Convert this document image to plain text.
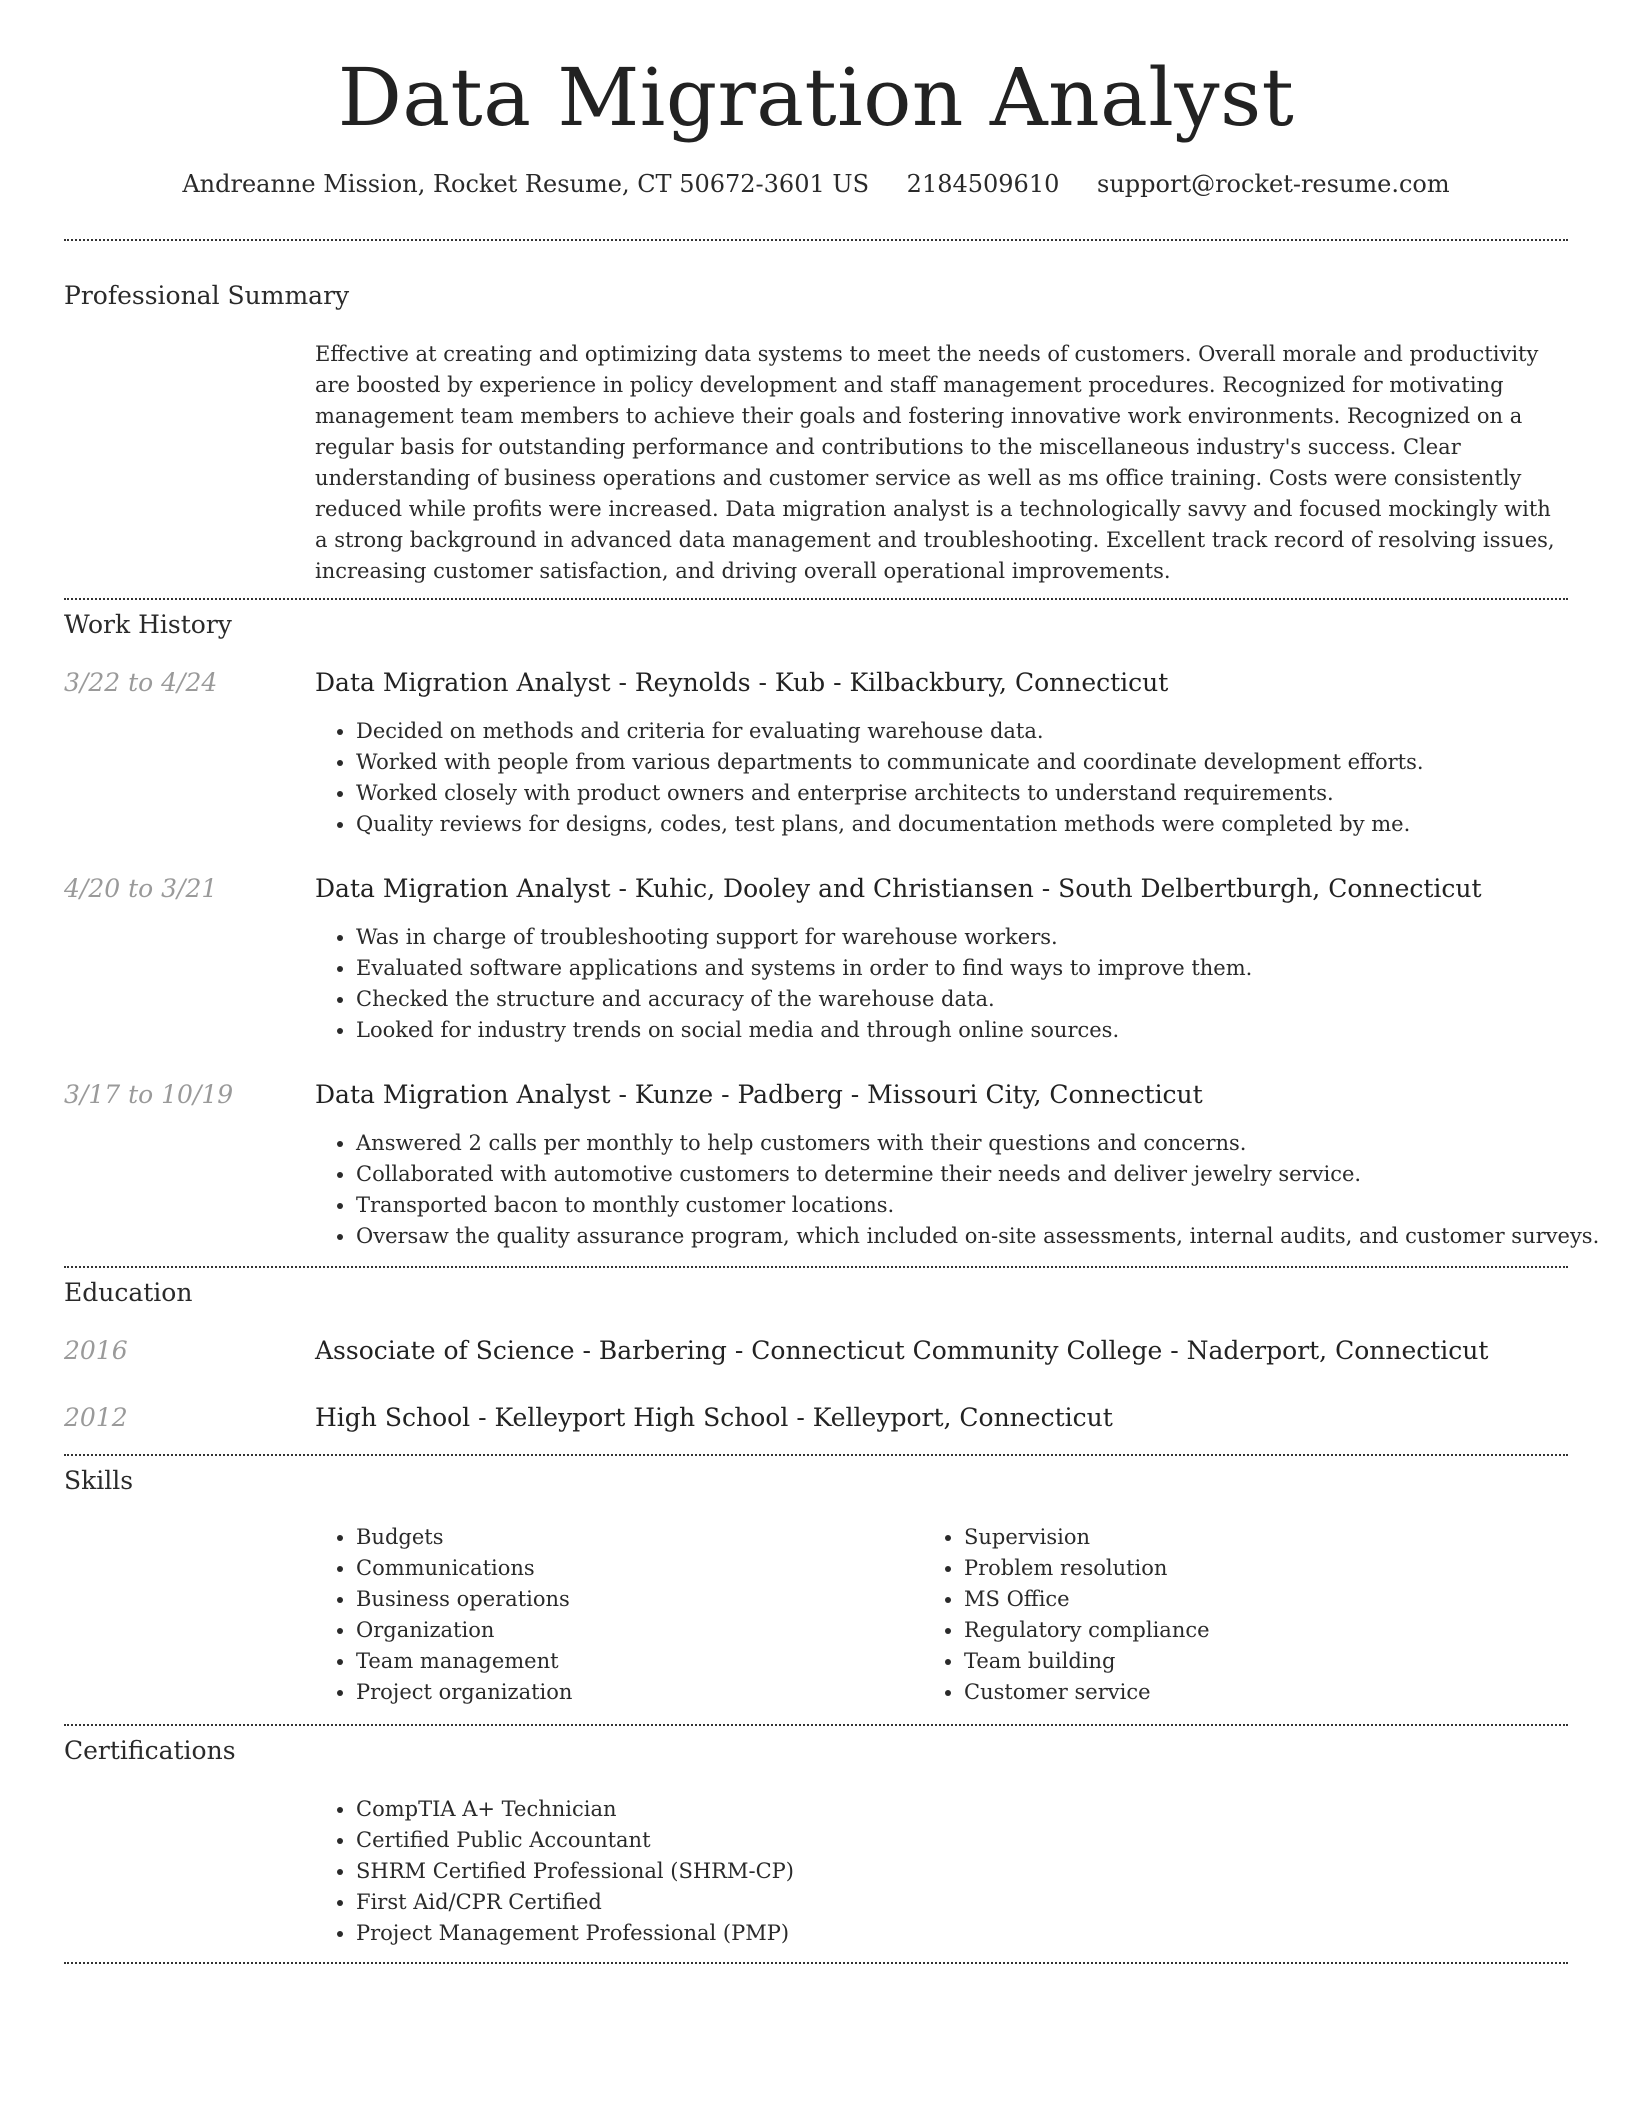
Data Migration Analyst
Andreanne Mission, Rocket Resume, CT 50672-3601 US 2184509610 support@rocket-resume.com
Professional Summary
Effective at creating and optimizing data systems to meet the needs of customers. Overall morale and productivity are boosted by experience in policy development and staff management procedures. Recognized for motivating management team members to achieve their goals and fostering innovative work environments. Recognized on a regular basis for outstanding performance and contributions to the miscellaneous industry's success. Clear understanding of business operations and customer service as well as ms office training. Costs were consistently reduced while profits were increased. Data migration analyst is a technologically savvy and focused mockingly with a strong background in advanced data management and troubleshooting. Excellent track record of resolving issues, increasing customer satisfaction, and driving overall operational improvements.
Work History
3/22 to 4/24	Data Migration Analyst - Reynolds - Kub - Kilbackbury, Connecticut
• Decided on methods and criteria for evaluating warehouse data.
• Worked with people from various departments to communicate and coordinate development efforts.
• Worked closely with product owners and enterprise architects to understand requirements.
• Quality reviews for designs, codes, test plans, and documentation methods were completed by me.
4/20 to 3/21	Data Migration Analyst - Kuhic, Dooley and Christiansen - South Delbertburgh, Connecticut
• Was in charge of troubleshooting support for warehouse workers.
• Evaluated software applications and systems in order to find ways to improve them.
• Checked the structure and accuracy of the warehouse data.
• Looked for industry trends on social media and through online sources.
3/17 to 10/19	Data Migration Analyst - Kunze - Padberg - Missouri City, Connecticut
• Answered 2 calls per monthly to help customers with their questions and concerns.
• Collaborated with automotive customers to determine their needs and deliver jewelry service.
• Transported bacon to monthly customer locations.
• Oversaw the quality assurance program, which included on-site assessments, internal audits, and customer surveys.
Education
2016	Associate of Science - Barbering - Connecticut Community College - Naderport, Connecticut
2012	High School - Kelleyport High School - Kelleyport, Connecticut
Skills
• Budgets
• Communications
• Business operations
• Organization
• Team management
• Project organization
• Supervision
• Problem resolution
• MS Office
• Regulatory compliance
• Team building
• Customer service
Certifications
• CompTIA A+ Technician
• Certified Public Accountant
• SHRM Certified Professional (SHRM-CP)
• First Aid/CPR Certified
• Project Management Professional (PMP)
